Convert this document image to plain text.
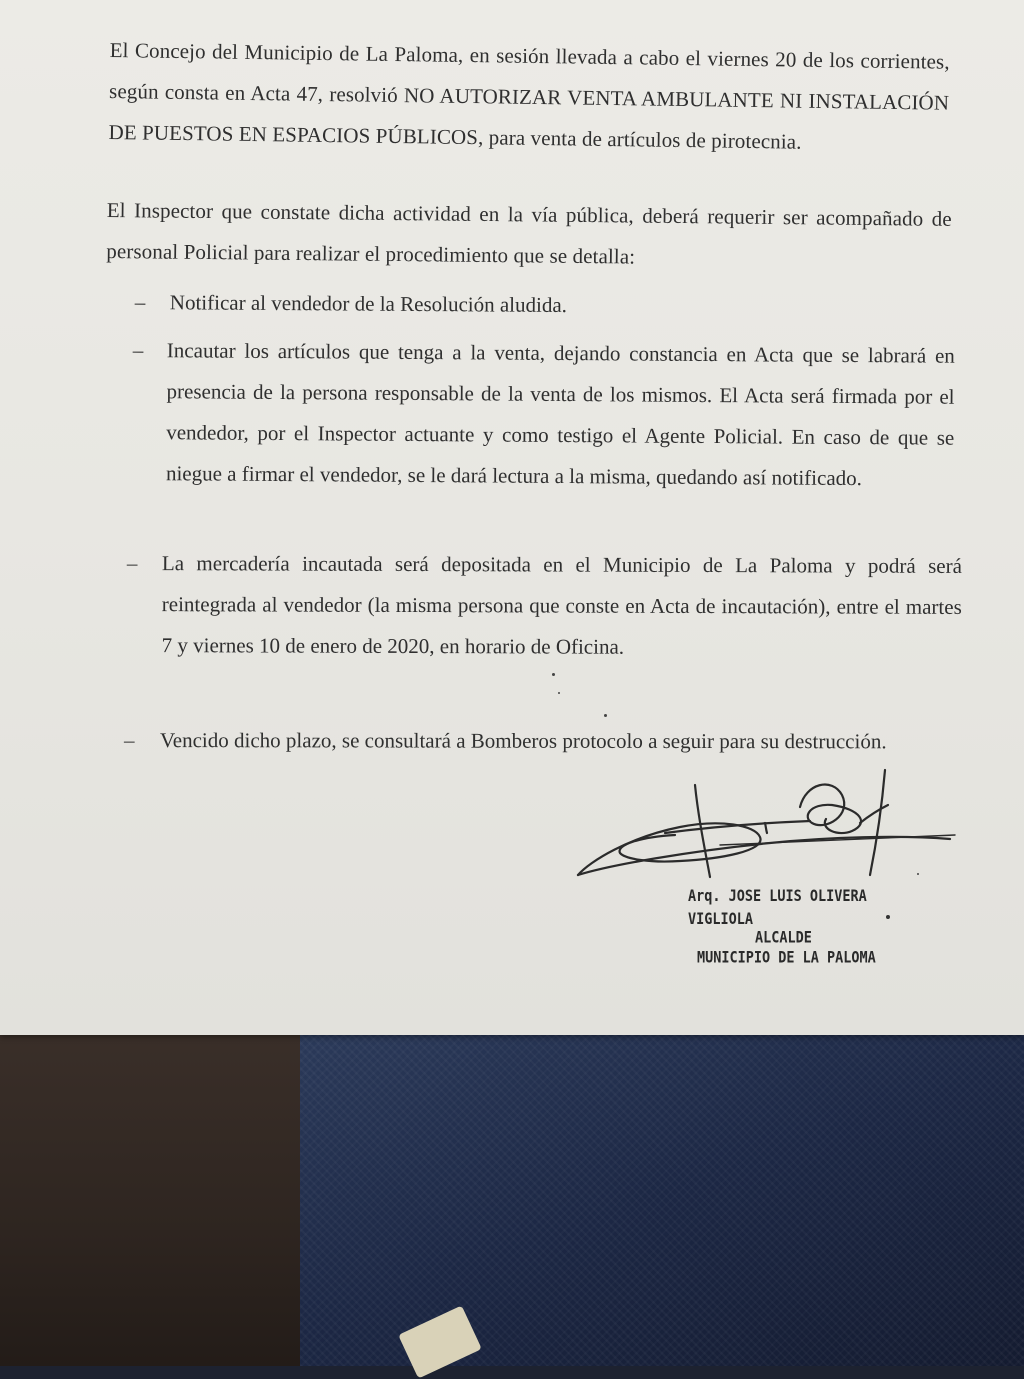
El Concejo del Municipio de La Paloma, en sesión llevada a cabo el viernes 20 de los corrientes, según consta en Acta 47, resolvió NO AUTORIZAR VENTA AMBULANTE NI INSTALACIÓN DE PUESTOS EN ESPACIOS PÚBLICOS, para venta de artículos de pirotecnia.
El Inspector que constate dicha actividad en la vía pública, deberá requerir ser acompañado de personal Policial para realizar el procedimiento que se detalla:
–	Notificar al vendedor de la Resolución aludida.
–	Incautar los artículos que tenga a la venta, dejando constancia en Acta que se labrará en presencia de la persona responsable de la venta de los mismos. El Acta será firmada por el vendedor, por el Inspector actuante y como testigo el Agente Policial. En caso de que se niegue a firmar el vendedor, se le dará lectura a la misma, quedando así notificado.
–	La mercadería incautada será depositada en el Municipio de La Paloma y podrá será reintegrada al vendedor (la misma persona que conste en Acta de incautación), entre el martes 7 y viernes 10 de enero de 2020, en horario de Oficina.
–	Vencido dicho plazo, se consultará a Bomberos protocolo a seguir para su destrucción.
Arq. JOSE LUIS OLIVERA VIGLIOLA
ALCALDE
MUNICIPIO DE LA PALOMA
